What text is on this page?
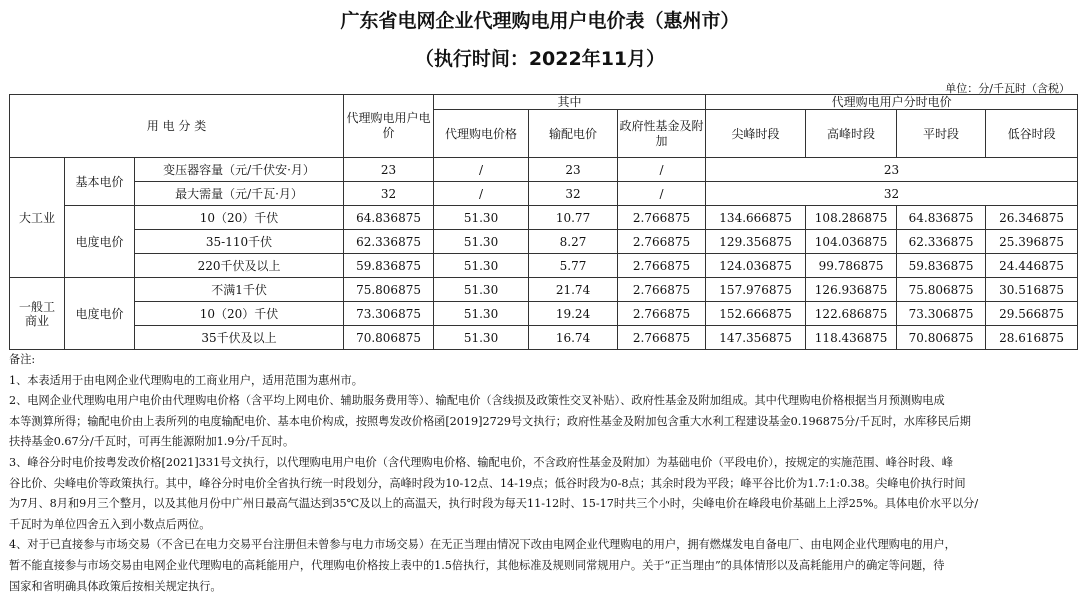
广东省电网企业代理购电用户电价表（惠州市）
（执行时间：2022年11月）
单位：分/千瓦时（含税）
用 电 分 类			代理购电用户电价	其中			代理购电用户分时电价			
				代理购电价格	输配电价	政府性基金及附加	尖峰时段	高峰时段	平时段	低谷时段
大工业	基本电价	变压器容量（元/千伏安·月）	23	/	23	/	23			
		最大需量（元/千瓦·月）	32	/	32	/	32			
	电度电价	10（20）千伏	64.836875	51.30	10.77	2.766875	134.666875	108.286875	64.836875	26.346875
		35-110千伏	62.336875	51.30	8.27	2.766875	129.356875	104.036875	62.336875	25.396875
		220千伏及以上	59.836875	51.30	5.77	2.766875	124.036875	99.786875	59.836875	24.446875
一般工
商业	电度电价	不满1千伏	75.806875	51.30	21.74	2.766875	157.976875	126.936875	75.806875	30.516875
		10（20）千伏	73.306875	51.30	19.24	2.766875	152.666875	122.686875	73.306875	29.566875
		35千伏及以上	70.806875	51.30	16.74	2.766875	147.356875	118.436875	70.806875	28.616875

备注:

1、本表适用于由电网企业代理购电的工商业用户，适用范围为惠州市。

2、电网企业代理购电用户电价由代理购电价格（含平均上网电价、辅助服务费用等）、输配电价（含线损及政策性交叉补贴）、政府性基金及附加组成。其中代理购电价格根据当月预测购电成

本等测算所得；输配电价由上表所列的电度输配电价、基本电价构成，按照粤发改价格函[2019]2729号文执行；政府性基金及附加包含重大水利工程建设基金0.196875分/千瓦时，水库移民后期

扶持基金0.67分/千瓦时，可再生能源附加1.9分/千瓦时。

3、峰谷分时电价按粤发改价格[2021]331号文执行，以代理购电用户电价（含代理购电价格、输配电价，不含政府性基金及附加）为基础电价（平段电价），按规定的实施范围、峰谷时段、峰

谷比价、尖峰电价等政策执行。其中，峰谷分时电价全省执行统一时段划分，高峰时段为10-12点、14-19点；低谷时段为0-8点；其余时段为平段；峰平谷比价为1.7:1:0.38。尖峰电价执行时间

为7月、8月和9月三个整月，以及其他月份中广州日最高气温达到35℃及以上的高温天，执行时段为每天11-12时、15-17时共三个小时，尖峰电价在峰段电价基础上上浮25%。具体电价水平以分/

千瓦时为单位四舍五入到小数点后两位。

4、对于已直接参与市场交易（不含已在电力交易平台注册但未曾参与电力市场交易）在无正当理由情况下改由电网企业代理购电的用户，拥有燃煤发电自备电厂、由电网企业代理购电的用户，

暂不能直接参与市场交易由电网企业代理购电的高耗能用户，代理购电价格按上表中的1.5倍执行，其他标准及规则同常规用户。关于“正当理由”的具体情形以及高耗能用户的确定等问题，待

国家和省明确具体政策后按相关规定执行。
